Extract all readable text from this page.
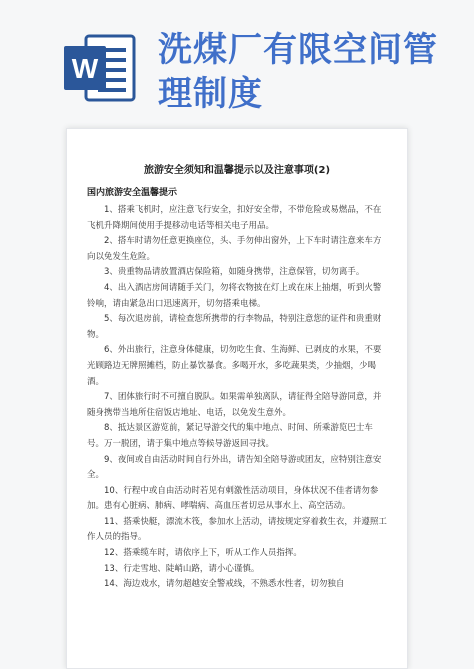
W 洗煤厂有限空间管理制度
旅游安全须知和温馨提示以及注意事项(2)
国内旅游安全温馨提示

1、搭乘飞机时，应注意飞行安全，扣好安全带，不带危险或易燃品，不在飞机升降期间使用手提移动电话等相关电子用品。

2、搭车时请勿任意更换座位，头、手勿伸出窗外，上下车时请注意来车方向以免发生危险。

3、贵重物品请放置酒店保险箱，如随身携带，注意保管，切勿离手。

4、出入酒店房间请随手关门，勿将衣物披在灯上或在床上抽烟，听到火警铃响，请由紧急出口迅速离开，切勿搭乘电梯。

5、每次退房前，请检查您所携带的行李物品，特别注意您的证件和贵重财物。

6、外出旅行，注意身体健康，切勿吃生食、生海鲜、已剥皮的水果，不要光顾路边无牌照摊档，防止暴饮暴食。多喝开水，多吃蔬果类，少抽烟，少喝酒。

7、团体旅行时不可擅自脱队。如果需单独离队，请征得全陪导游同意，并随身携带当地所住宿饭店地址、电话，以免发生意外。

8、抵达景区游览前，紧记导游交代的集中地点、时间、所乘游览巴士车号。万一脱团，请于集中地点等候导游返回寻找。

9、夜间或自由活动时间自行外出，请告知全陪导游或团友，应特别注意安全。

10、行程中或自由活动时若见有刺激性活动项目，身体状况不佳者请勿参加。患有心脏病、肺病、哮喘病、高血压者切忌从事水上、高空活动。

11、搭乘快艇，漂流木筏，参加水上活动，请按规定穿着救生衣，并遵照工作人员的指导。

12、搭乘缆车时，请依序上下，听从工作人员指挥。

13、行走雪地、陡峭山路，请小心谨慎。

14、海边戏水，请勿超越安全警戒线，不熟悉水性者，切勿独自
